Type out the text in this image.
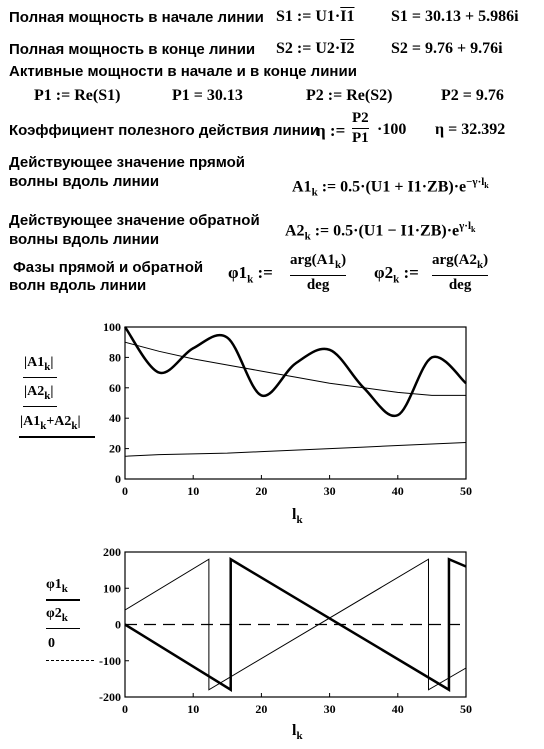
Полная мощность в начале линии S1 := U1·I1 S1 = 30.13 + 5.986i
Полная мощность в конце линии S2 := U2·I2 S2 = 9.76 + 9.76i
Активные мощности в начале и в конце линии
P1 := Re(S1)	P1 = 30.13	P2 := Re(S2)	P2 = 9.76
Коэффициент полезного действия линии
η :=
P2
P1 ·100 η = 32.392
Действующее значение прямой
волны вдоль линии	$A1_k$ := $0.5\cdot(U1 + I1\cdot ZB)\cdot e^{-\gamma\cdot l_k}$
Действующее значение обратной
волны вдоль линии
$A2_k$ := $0.5\cdot(U1 - I1\cdot ZB)\cdot e^{\gamma\cdot l_k}$
Фазы прямой и обратной
волн вдоль линии
$\varphi 1_k$ :=
$arg(A1_k)$
deg
$\varphi 2_k$ :=
$arg(A2_k)$
deg
$|A1_k|$
$|A2_k|$
$|A1_k+A2_k|$
$l_k$
$\varphi 1_k$
$\varphi 2_k$
0
$l_k$
0	10	20	30	40	50
0
20
40
60
80
100
0	10	20	30	40	50
-200
-100
0
100
200
